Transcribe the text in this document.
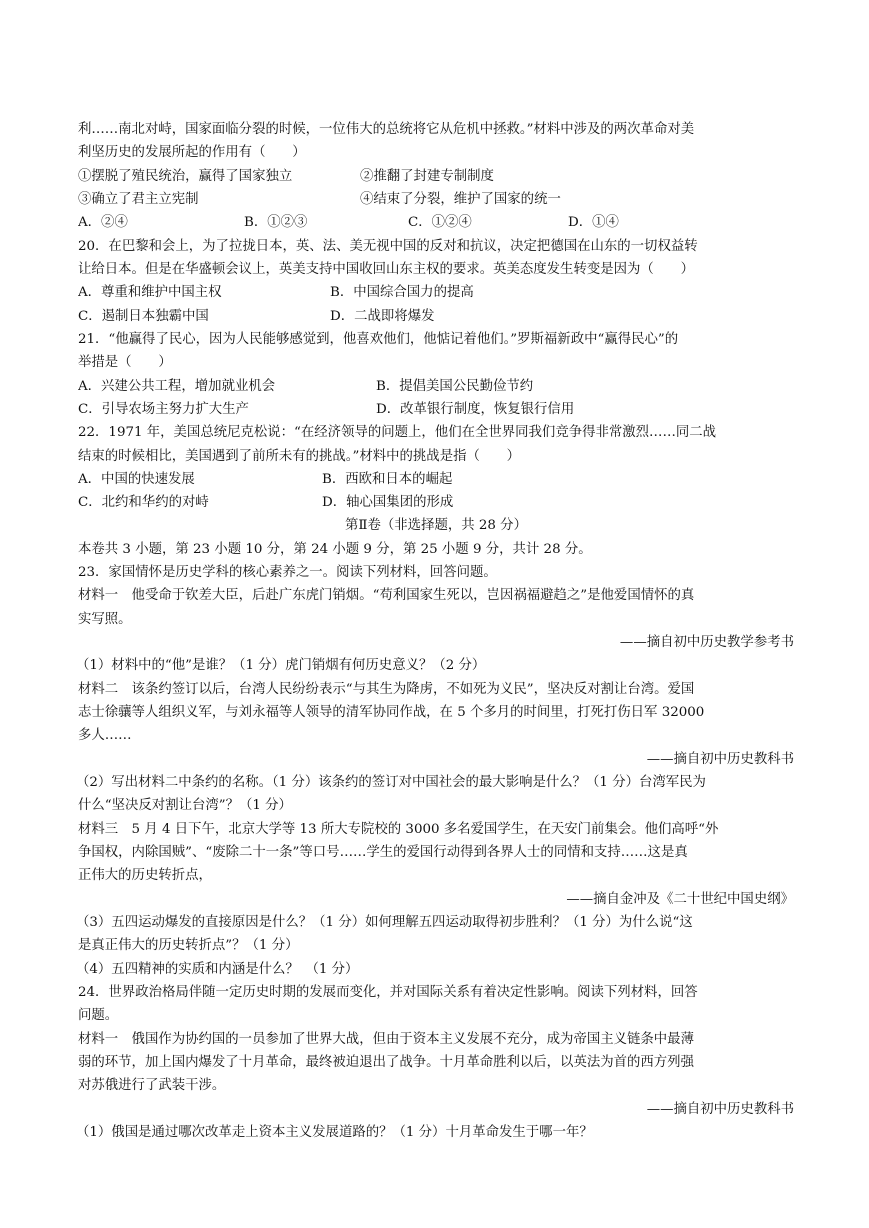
利……南北对峙，国家面临分裂的时候，一位伟大的总统将它从危机中拯救。”材料中涉及的两次革命对美
利坚历史的发展所起的作用有（　　）
①摆脱了殖民统治，赢得了国家独立	②推翻了封建专制制度
③确立了君主立宪制	④结束了分裂，维护了国家的统一
A．②④	B．①②③	C．①②④	D．①④
20．在巴黎和会上，为了拉拢日本，英、法、美无视中国的反对和抗议，决定把德国在山东的一切权益转
让给日本。但是在华盛顿会议上，英美支持中国收回山东主权的要求。英美态度发生转变是因为（　　）
A．尊重和维护中国主权	B．中国综合国力的提高
C．遏制日本独霸中国	D．二战即将爆发
21．“他赢得了民心，因为人民能够感觉到，他喜欢他们，他惦记着他们。”罗斯福新政中“赢得民心”的
举措是（　　）
A．兴建公共工程，增加就业机会	B．提倡美国公民勤俭节约
C．引导农场主努力扩大生产	D．改革银行制度，恢复银行信用
22．1971 年，美国总统尼克松说：“在经济领导的问题上，他们在全世界同我们竞争得非常激烈……同二战
结束的时候相比，美国遇到了前所未有的挑战。”材料中的挑战是指（　　）
A．中国的快速发展	B．西欧和日本的崛起
C．北约和华约的对峙	D．轴心国集团的形成
第Ⅱ卷（非选择题，共 28 分）
本卷共 3 小题，第 23 小题 10 分，第 24 小题 9 分，第 25 小题 9 分，共计 28 分。
23．家国情怀是历史学科的核心素养之一。阅读下列材料，回答问题。
材料一　他受命于钦差大臣，后赴广东虎门销烟。“苟利国家生死以，岂因祸福避趋之”是他爱国情怀的真
实写照。
——摘自初中历史教学参考书
（1）材料中的“他”是谁？（1 分）虎门销烟有何历史意义？（2 分）
材料二　该条约签订以后，台湾人民纷纷表示“与其生为降虏，不如死为义民”，坚决反对割让台湾。爱国
志士徐骧等人组织义军，与刘永福等人领导的清军协同作战，在 5 个多月的时间里，打死打伤日军 32000
多人……
——摘自初中历史教科书
（2）写出材料二中条约的名称。（1 分）该条约的签订对中国社会的最大影响是什么？（1 分）台湾军民为
什么“坚决反对割让台湾”？（1 分）
材料三　5 月 4 日下午，北京大学等 13 所大专院校的 3000 多名爱国学生，在天安门前集会。他们高呼“外
争国权，内除国贼”、“废除二十一条”等口号……学生的爱国行动得到各界人士的同情和支持……这是真
正伟大的历史转折点，
——摘自金冲及《二十世纪中国史纲》
（3）五四运动爆发的直接原因是什么？（1 分）如何理解五四运动取得初步胜利？（1 分）为什么说“这
是真正伟大的历史转折点”？（1 分）
（4）五四精神的实质和内涵是什么？　（1 分）
24．世界政治格局伴随一定历史时期的发展而变化，并对国际关系有着决定性影响。阅读下列材料，回答
问题。
材料一　俄国作为协约国的一员参加了世界大战，但由于资本主义发展不充分，成为帝国主义链条中最薄
弱的环节，加上国内爆发了十月革命，最终被迫退出了战争。十月革命胜利以后，以英法为首的西方列强
对苏俄进行了武装干涉。
——摘自初中历史教科书
（1）俄国是通过哪次改革走上资本主义发展道路的？（1 分）十月革命发生于哪一年？
